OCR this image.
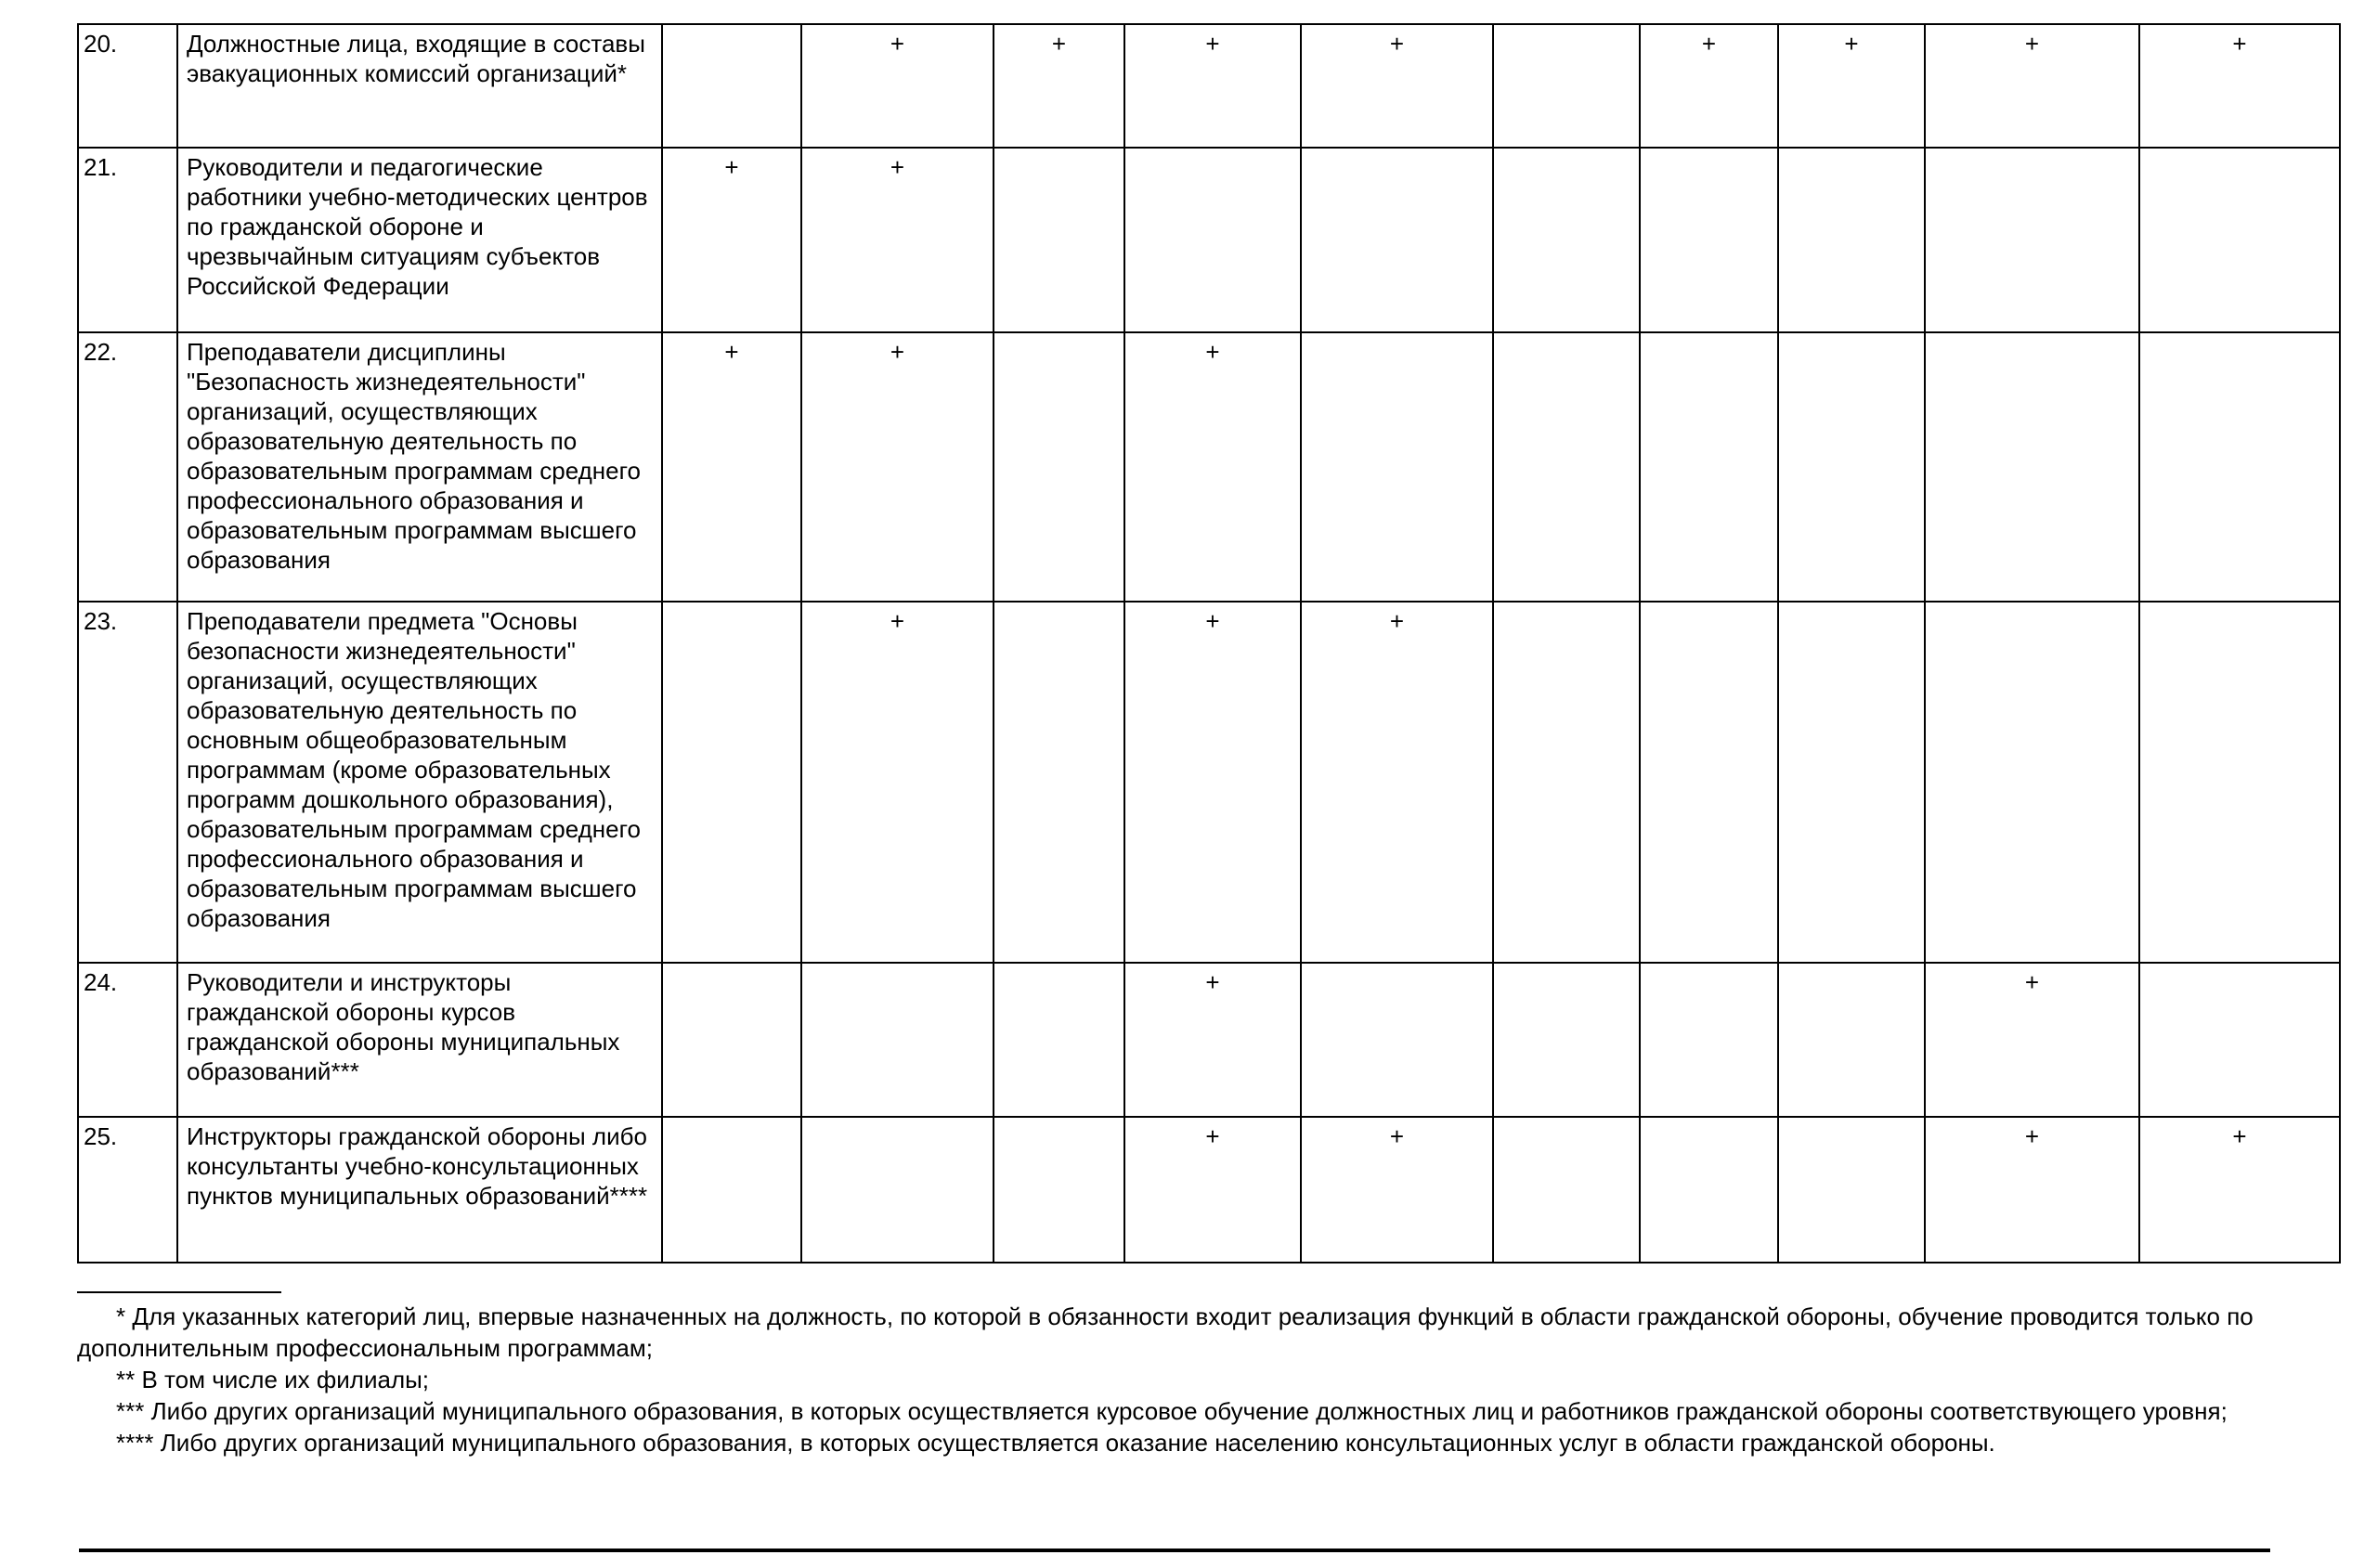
20.	Должностные лица, входящие в составы эвакуационных комиссий организаций*		+	+	+	+		+	+	+	+
21.	Руководители и педагогические работники учебно-методических центров по гражданской обороне и чрезвычайным ситуациям субъектов Российской Федерации	+	+								
22.	Преподаватели дисциплины "Безопасность жизнедеятельности" организаций, осуществляющих образовательную деятельность по образовательным программам среднего профессионального образования и образовательным программам высшего образования	+	+		+						
23.	Преподаватели предмета "Основы безопасности жизнедеятельности" организаций, осуществляющих образовательную деятельность по основным общеобразовательным программам (кроме образовательных программ дошкольного образования), образовательным программам среднего профессионального образования и образовательным программам высшего образования		+		+	+					
24.	Руководители и инструкторы гражданской обороны курсов гражданской обороны муниципальных образований***				+					+	
25.	Инструкторы гражданской обороны либо консультанты учебно-консультационных пунктов муниципальных образований****				+	+				+	+

* Для указанных категорий лиц, впервые назначенных на должность, по которой в обязанности входит реализация функций в области гражданской обороны, обучение проводится только по дополнительным профессиональным программам;

** В том числе их филиалы;

*** Либо других организаций муниципального образования, в которых осуществляется курсовое обучение должностных лиц и работников гражданской обороны соответствующего уровня;

**** Либо других организаций муниципального образования, в которых осуществляется оказание населению консультационных услуг в области гражданской обороны.
